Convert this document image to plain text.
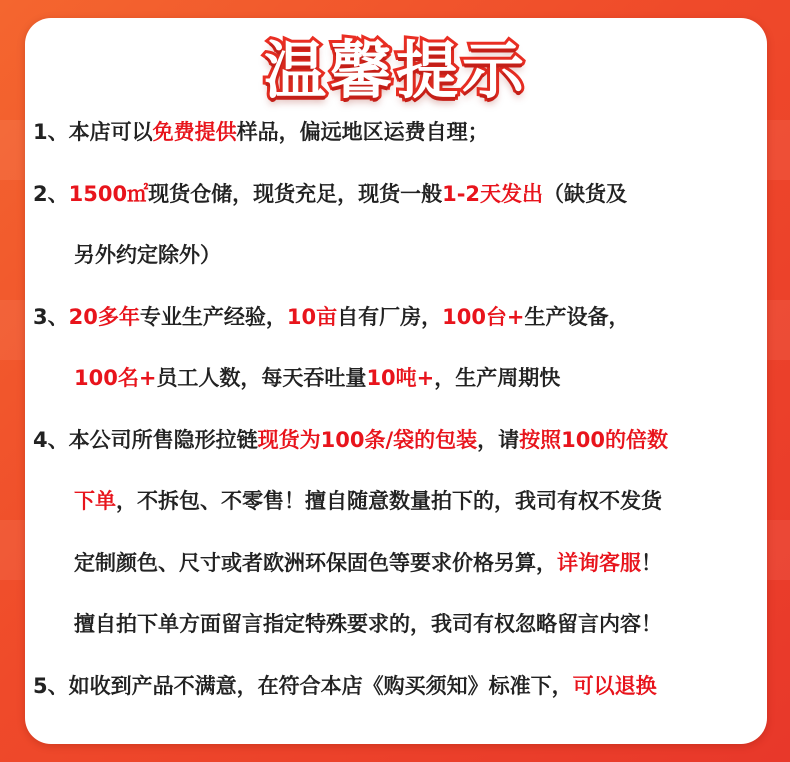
温馨提示
1、本店可以免费提供样品，偏远地区运费自理；
2、1500㎡现货仓储，现货充足，现货一般1-2天发出（缺货及
另外约定除外）
3、20多年专业生产经验，10亩自有厂房，100台+生产设备，
100名+员工人数，每天吞吐量10吨+，生产周期快
4、本公司所售隐形拉链现货为100条/袋的包装，请按照100的倍数
下单，不拆包、不零售！擅自随意数量拍下的，我司有权不发货
定制颜色、尺寸或者欧洲环保固色等要求价格另算，详询客服！
擅自拍下单方面留言指定特殊要求的，我司有权忽略留言内容！
5、如收到产品不满意，在符合本店《购买须知》标准下，可以退换
